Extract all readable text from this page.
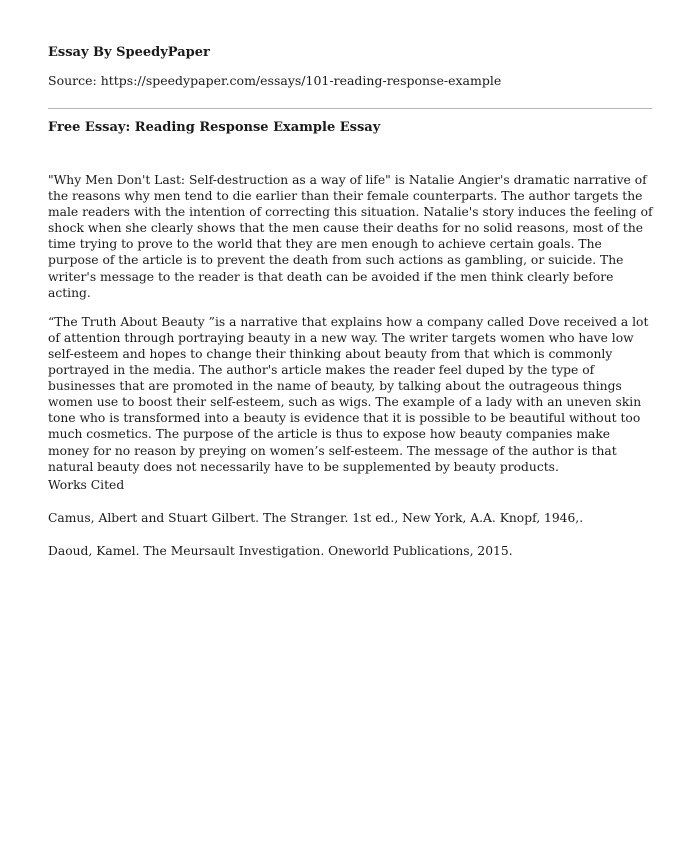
Essay By SpeedyPaper
Source: https://speedypaper.com/essays/101-reading-response-example
Free Essay: Reading Response Example Essay

"Why Men Don't Last: Self-destruction as a way of life" is Natalie Angier's dramatic narrative of the reasons why men tend to die earlier than their female counterparts. The author targets the male readers with the intention of correcting this situation. Natalie's story induces the feeling of shock when she clearly shows that the men cause their deaths for no solid reasons, most of the time trying to prove to the world that they are men enough to achieve certain goals. The purpose of the article is to prevent the death from such actions as gambling, or suicide. The writer's message to the reader is that death can be avoided if the men think clearly before acting.

“The Truth About Beauty ”is a narrative that explains how a company called Dove received a lot of attention through portraying beauty in a new way. The writer targets women who have low self-esteem and hopes to change their thinking about beauty from that which is commonly portrayed in the media. The author's article makes the reader feel duped by the type of businesses that are promoted in the name of beauty, by talking about the outrageous things women use to boost their self-esteem, such as wigs. The example of a lady with an uneven skin tone who is transformed into a beauty is evidence that it is possible to be beautiful without too much cosmetics. The purpose of the article is thus to expose how beauty companies make money for no reason by preying on women’s self-esteem. The message of the author is that natural beauty does not necessarily have to be supplemented by beauty products.

Works Cited

Camus, Albert and Stuart Gilbert. The Stranger. 1st ed., New York, A.A. Knopf, 1946,.

Daoud, Kamel. The Meursault Investigation. Oneworld Publications, 2015.
